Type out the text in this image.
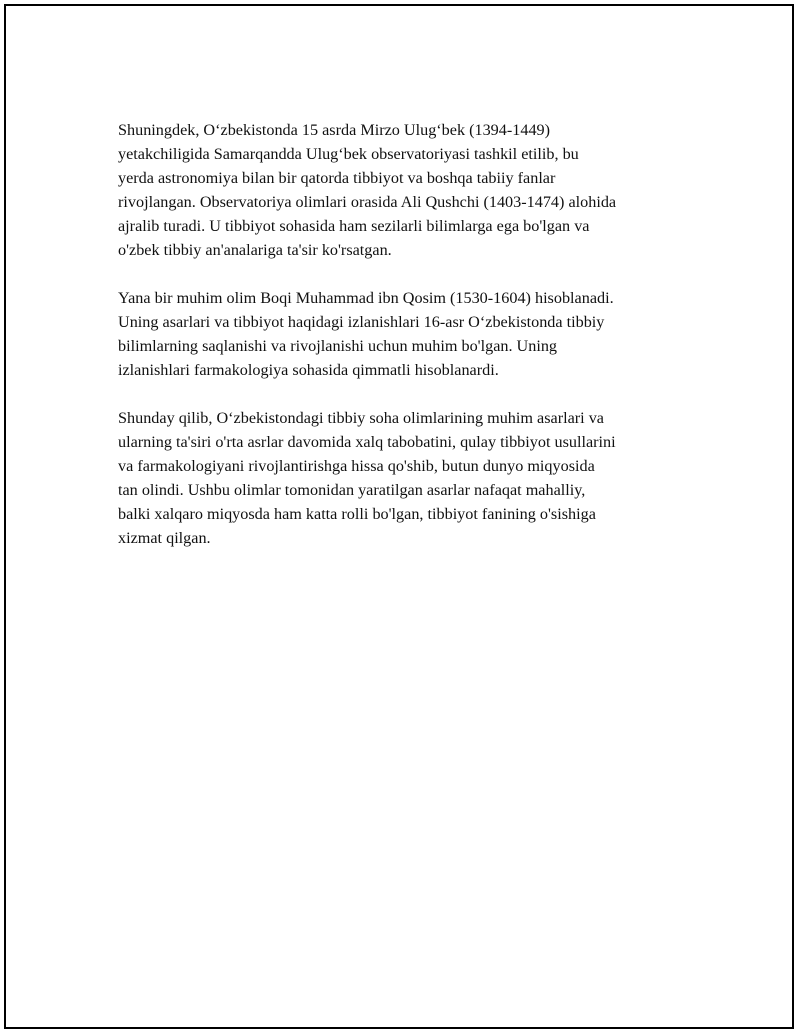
Shuningdek, O‘zbekistonda 15 asrda Mirzo Ulug‘bek (1394-1449)
yetakchiligida Samarqandda Ulug‘bek observatoriyasi tashkil etilib, bu
yerda astronomiya bilan bir qatorda tibbiyot va boshqa tabiiy fanlar
rivojlangan. Observatoriya olimlari orasida Ali Qushchi (1403-1474) alohida
ajralib turadi. U tibbiyot sohasida ham sezilarli bilimlarga ega bo'lgan va
o'zbek tibbiy an'analariga ta'sir ko'rsatgan.

Yana bir muhim olim Boqi Muhammad ibn Qosim (1530-1604) hisoblanadi.
Uning asarlari va tibbiyot haqidagi izlanishlari 16-asr O‘zbekistonda tibbiy
bilimlarning saqlanishi va rivojlanishi uchun muhim bo'lgan. Uning
izlanishlari farmakologiya sohasida qimmatli hisoblanardi.

Shunday qilib, O‘zbekistondagi tibbiy soha olimlarining muhim asarlari va
ularning ta'siri o'rta asrlar davomida xalq tabobatini, qulay tibbiyot usullarini
va farmakologiyani rivojlantirishga hissa qo'shib, butun dunyo miqyosida
tan olindi. Ushbu olimlar tomonidan yaratilgan asarlar nafaqat mahalliy,
balki xalqaro miqyosda ham katta rolli bo'lgan, tibbiyot fanining o'sishiga
xizmat qilgan.
